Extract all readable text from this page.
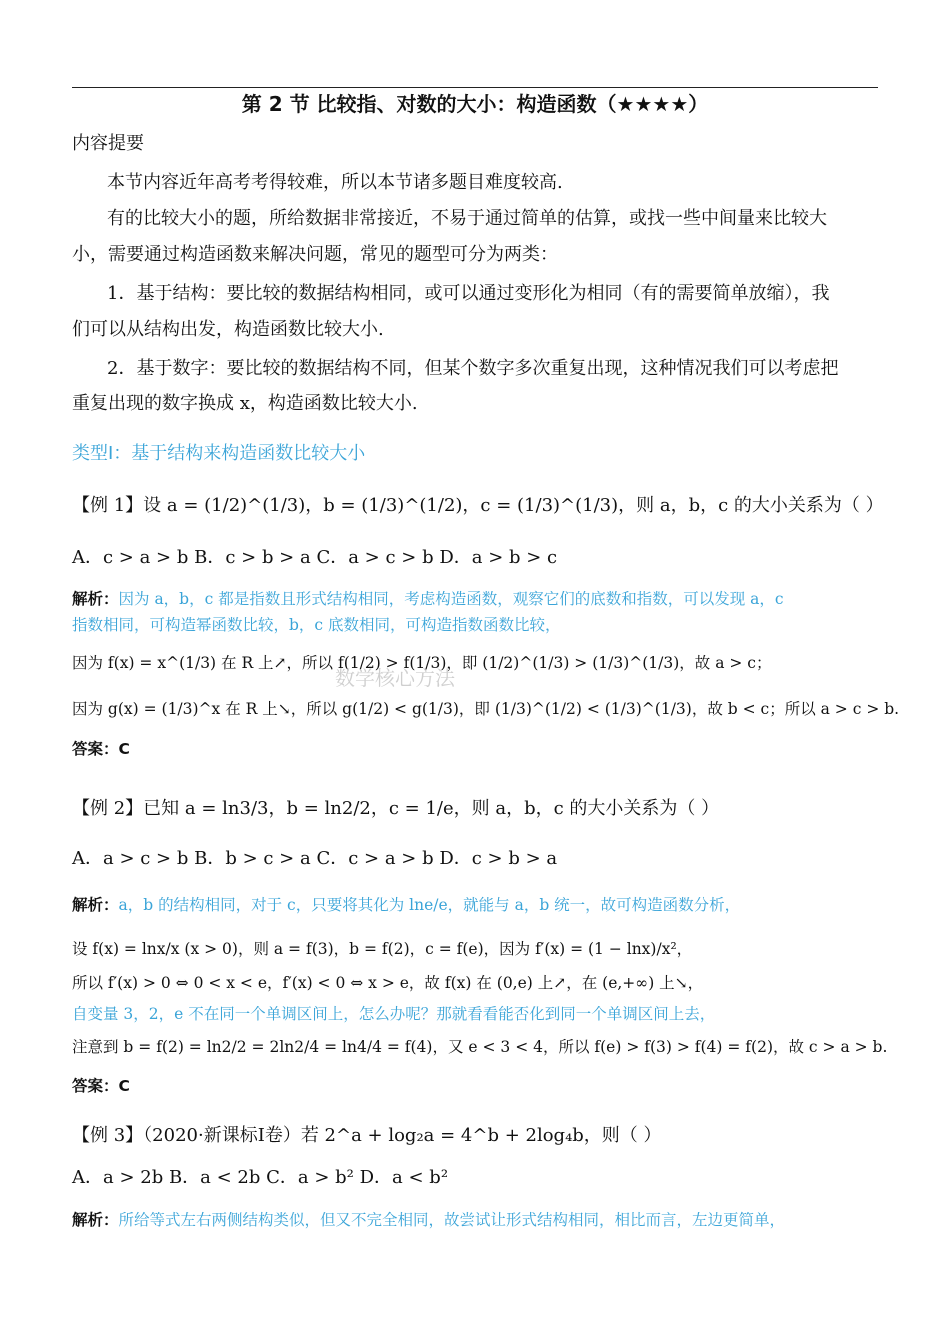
第 2 节 比较指、对数的大小：构造函数（★★★★）
内容提要
本节内容近年高考考得较难，所以本节诸多题目难度较高.
有的比较大小的题，所给数据非常接近，不易于通过简单的估算，或找一些中间量来比较大
小，需要通过构造函数来解决问题，常见的题型可分为两类：
1．基于结构：要比较的数据结构相同，或可以通过变形化为相同（有的需要简单放缩），我
们可以从结构出发，构造函数比较大小.
2．基于数字：要比较的数据结构不同，但某个数字多次重复出现，这种情况我们可以考虑把
重复出现的数字换成 x，构造函数比较大小.
类型Ⅰ：基于结构来构造函数比较大小
【例 1】设 a = (1/2)^(1/3)，b = (1/3)^(1/2)，c = (1/3)^(1/3)，则 a，b，c 的大小关系为（ ）
A．c > a > b B．c > b > a C．a > c > b D．a > b > c
解析：因为 a，b，c 都是指数且形式结构相同，考虑构造函数，观察它们的底数和指数，可以发现 a，c
指数相同，可构造幂函数比较，b，c 底数相同，可构造指数函数比较，
因为 f(x) = x^(1/3) 在 R 上↗，所以 f(1/2) > f(1/3)，即 (1/2)^(1/3) > (1/3)^(1/3)，故 a > c；
数学核心方法
因为 g(x) = (1/3)^x 在 R 上↘，所以 g(1/2) < g(1/3)，即 (1/3)^(1/2) < (1/3)^(1/3)，故 b < c；所以 a > c > b.
答案：C
【例 2】已知 a = ln3/3，b = ln2/2，c = 1/e，则 a，b，c 的大小关系为（ ）
A．a > c > b B．b > c > a C．c > a > b D．c > b > a
解析：a，b 的结构相同，对于 c，只要将其化为 lne/e，就能与 a，b 统一，故可构造函数分析，
设 f(x) = lnx/x (x > 0)，则 a = f(3)，b = f(2)，c = f(e)，因为 f′(x) = (1 − lnx)/x²，
所以 f′(x) > 0 ⇔ 0 < x < e，f′(x) < 0 ⇔ x > e，故 f(x) 在 (0,e) 上↗，在 (e,+∞) 上↘，
自变量 3，2，e 不在同一个单调区间上，怎么办呢？那就看看能否化到同一个单调区间上去，
注意到 b = f(2) = ln2/2 = 2ln2/4 = ln4/4 = f(4)，又 e < 3 < 4，所以 f(e) > f(3) > f(4) = f(2)，故 c > a > b.
答案：C
【例 3】（2020·新课标Ⅰ卷）若 2^a + log₂a = 4^b + 2log₄b，则（ ）
A．a > 2b B．a < 2b C．a > b² D．a < b²
解析：所给等式左右两侧结构类似，但又不完全相同，故尝试让形式结构相同，相比而言，左边更简单，
